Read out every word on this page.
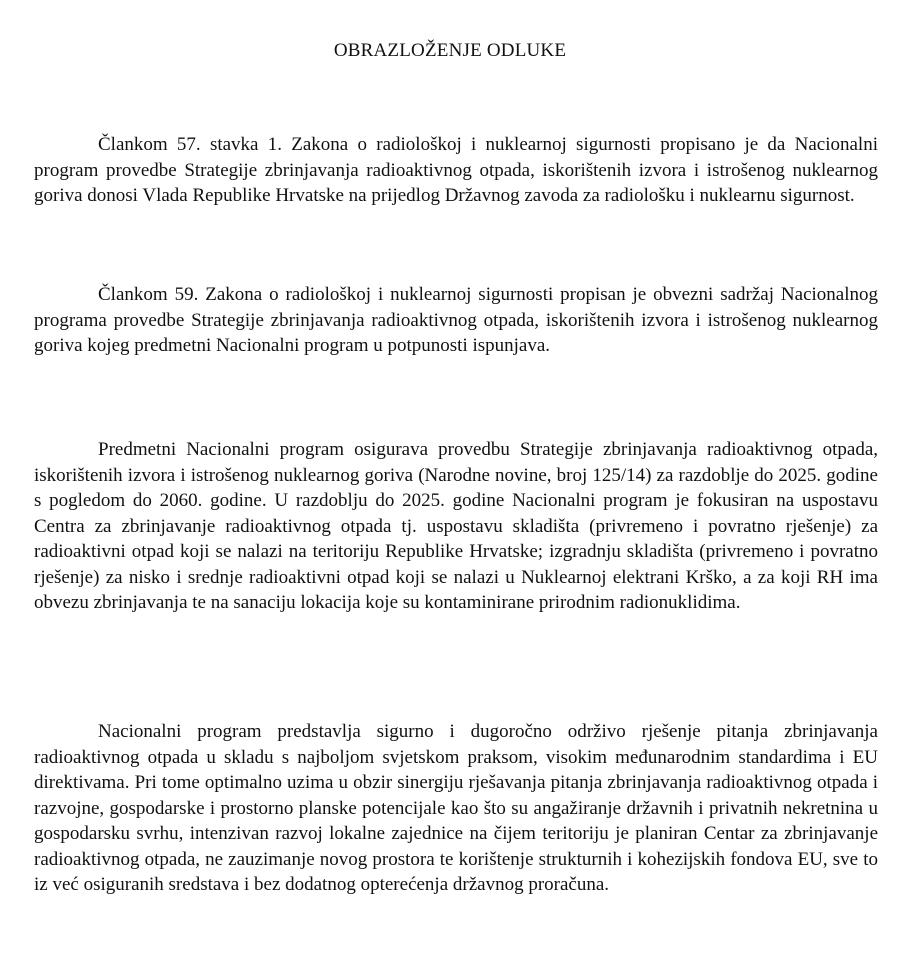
OBRAZLOŽENJE ODLUKE

Člankom 57. stavka 1. Zakona o radiološkoj i nuklearnoj sigurnosti propisano je da Nacionalni program provedbe Strategije zbrinjavanja radioaktivnog otpada, iskorištenih izvora i istrošenog nuklearnog goriva donosi Vlada Republike Hrvatske na prijedlog Državnog zavoda za radiološku i nuklearnu sigurnost.

Člankom 59. Zakona o radiološkoj i nuklearnoj sigurnosti propisan je obvezni sadržaj Nacionalnog programa provedbe Strategije zbrinjavanja radioaktivnog otpada, iskorištenih izvora i istrošenog nuklearnog goriva kojeg predmetni Nacionalni program u potpunosti ispunjava.

Predmetni Nacionalni program osigurava provedbu Strategije zbrinjavanja radioaktivnog otpada, iskorištenih izvora i istrošenog nuklearnog goriva (Narodne novine, broj 125/14) za razdoblje do 2025. godine s pogledom do 2060. godine. U razdoblju do 2025. godine Nacionalni program je fokusiran na uspostavu Centra za zbrinjavanje radioaktivnog otpada tj. uspostavu skladišta (privremeno i povratno rješenje) za radioaktivni otpad koji se nalazi na teritoriju Republike Hrvatske; izgradnju skladišta (privremeno i povratno rješenje) za nisko i srednje radioaktivni otpad koji se nalazi u Nuklearnoj elektrani Krško, a za koji RH ima obvezu zbrinjavanja te na sanaciju lokacija koje su kontaminirane prirodnim radionuklidima.

Nacionalni program predstavlja sigurno i dugoročno održivo rješenje pitanja zbrinjavanja radioaktivnog otpada u skladu s najboljom svjetskom praksom, visokim međunarodnim standardima i EU direktivama. Pri tome optimalno uzima u obzir sinergiju rješavanja pitanja zbrinjavanja radioaktivnog otpada i razvojne, gospodarske i prostorno planske potencijale kao što su angažiranje državnih i privatnih nekretnina u gospodarsku svrhu, intenzivan razvoj lokalne zajednice na čijem teritoriju je planiran Centar za zbrinjavanje radioaktivnog otpada, ne zauzimanje novog prostora te korištenje strukturnih i kohezijskih fondova EU, sve to iz već osiguranih sredstava i bez dodatnog opterećenja državnog proračuna.
